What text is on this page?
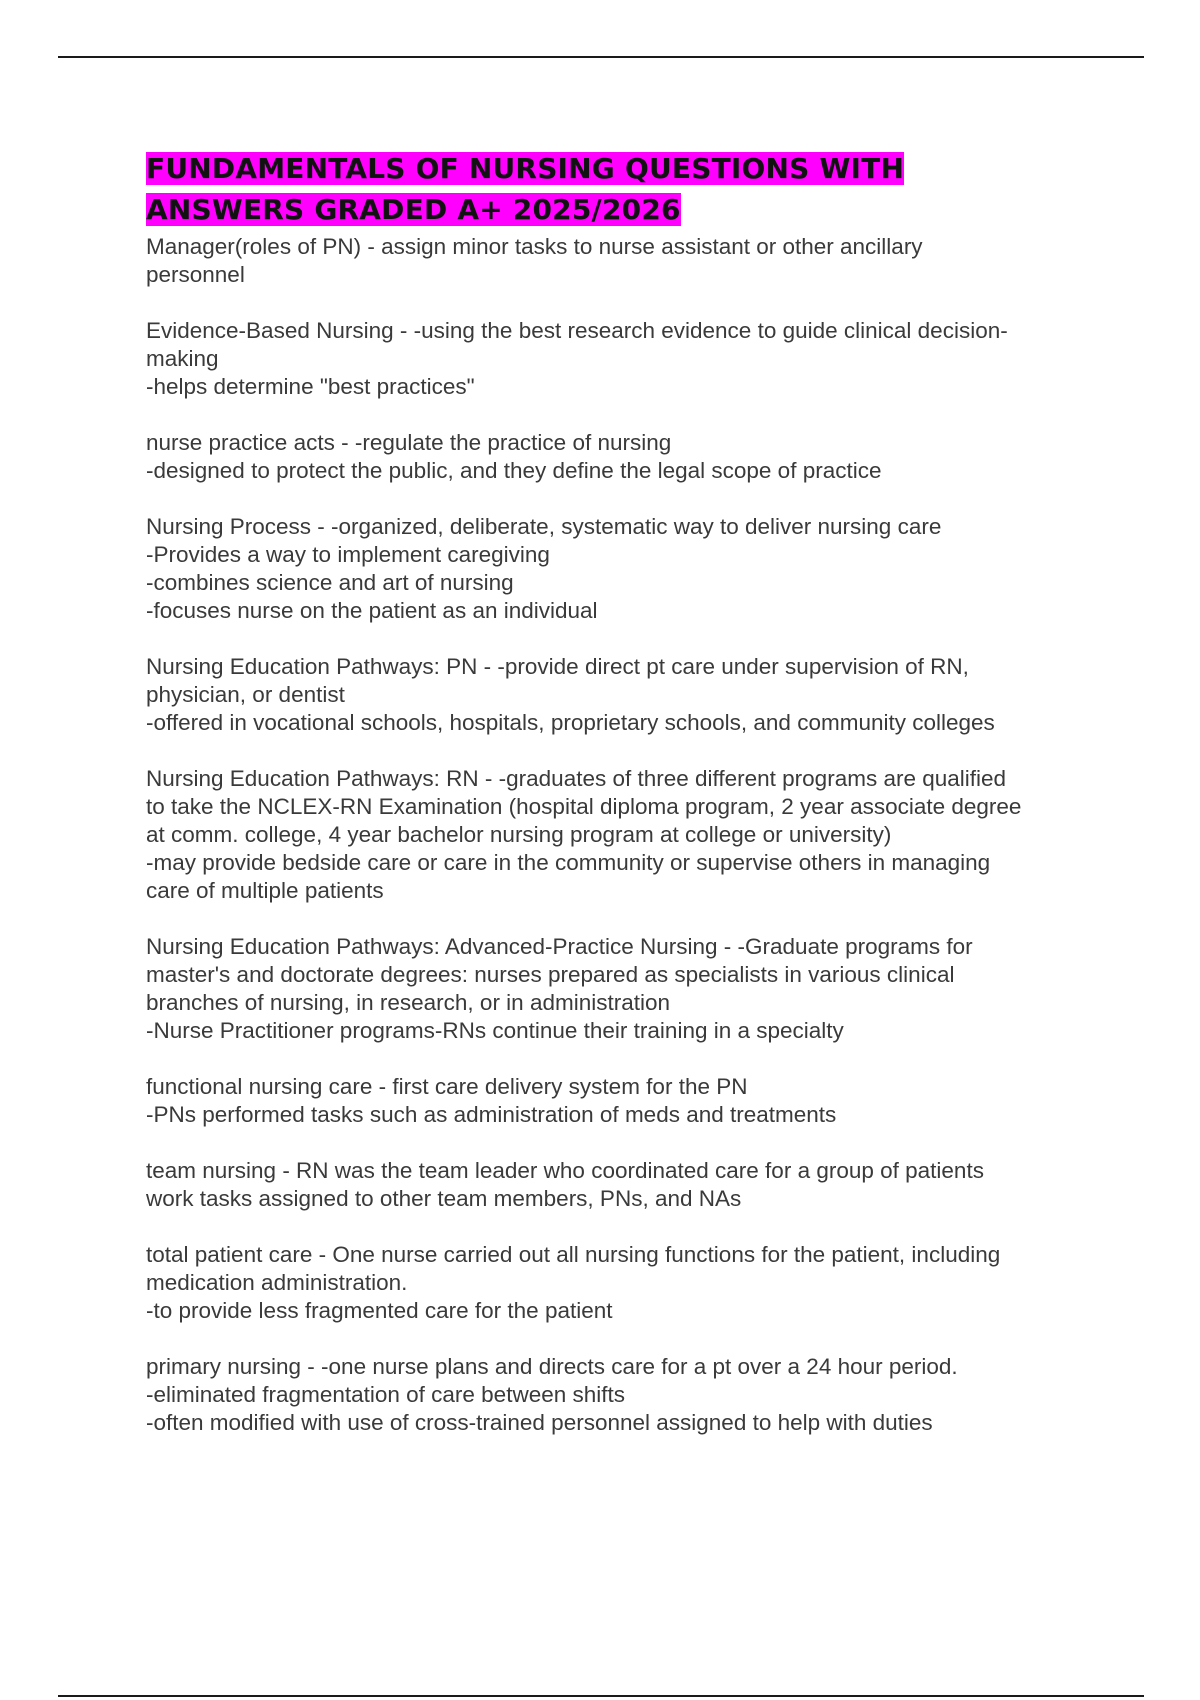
FUNDAMENTALS OF NURSING QUESTIONS WITH
ANSWERS GRADED A+ 2025/2026
Manager(roles of PN) - assign minor tasks to nurse assistant or other ancillary
personnel
Evidence-Based Nursing - -using the best research evidence to guide clinical decision-
making
-helps determine "best practices"
nurse practice acts - -regulate the practice of nursing
-designed to protect the public, and they define the legal scope of practice
Nursing Process - -organized, deliberate, systematic way to deliver nursing care
-Provides a way to implement caregiving
-combines science and art of nursing
-focuses nurse on the patient as an individual
Nursing Education Pathways: PN - -provide direct pt care under supervision of RN,
physician, or dentist
-offered in vocational schools, hospitals, proprietary schools, and community colleges
Nursing Education Pathways: RN - -graduates of three different programs are qualified
to take the NCLEX-RN Examination (hospital diploma program, 2 year associate degree
at comm. college, 4 year bachelor nursing program at college or university)
-may provide bedside care or care in the community or supervise others in managing
care of multiple patients
Nursing Education Pathways: Advanced-Practice Nursing - -Graduate programs for
master's and doctorate degrees: nurses prepared as specialists in various clinical
branches of nursing, in research, or in administration
-Nurse Practitioner programs-RNs continue their training in a specialty
functional nursing care - first care delivery system for the PN
-PNs performed tasks such as administration of meds and treatments
team nursing - RN was the team leader who coordinated care for a group of patients
work tasks assigned to other team members, PNs, and NAs
total patient care - One nurse carried out all nursing functions for the patient, including
medication administration.
-to provide less fragmented care for the patient
primary nursing - -one nurse plans and directs care for a pt over a 24 hour period.
-eliminated fragmentation of care between shifts
-often modified with use of cross-trained personnel assigned to help with duties
